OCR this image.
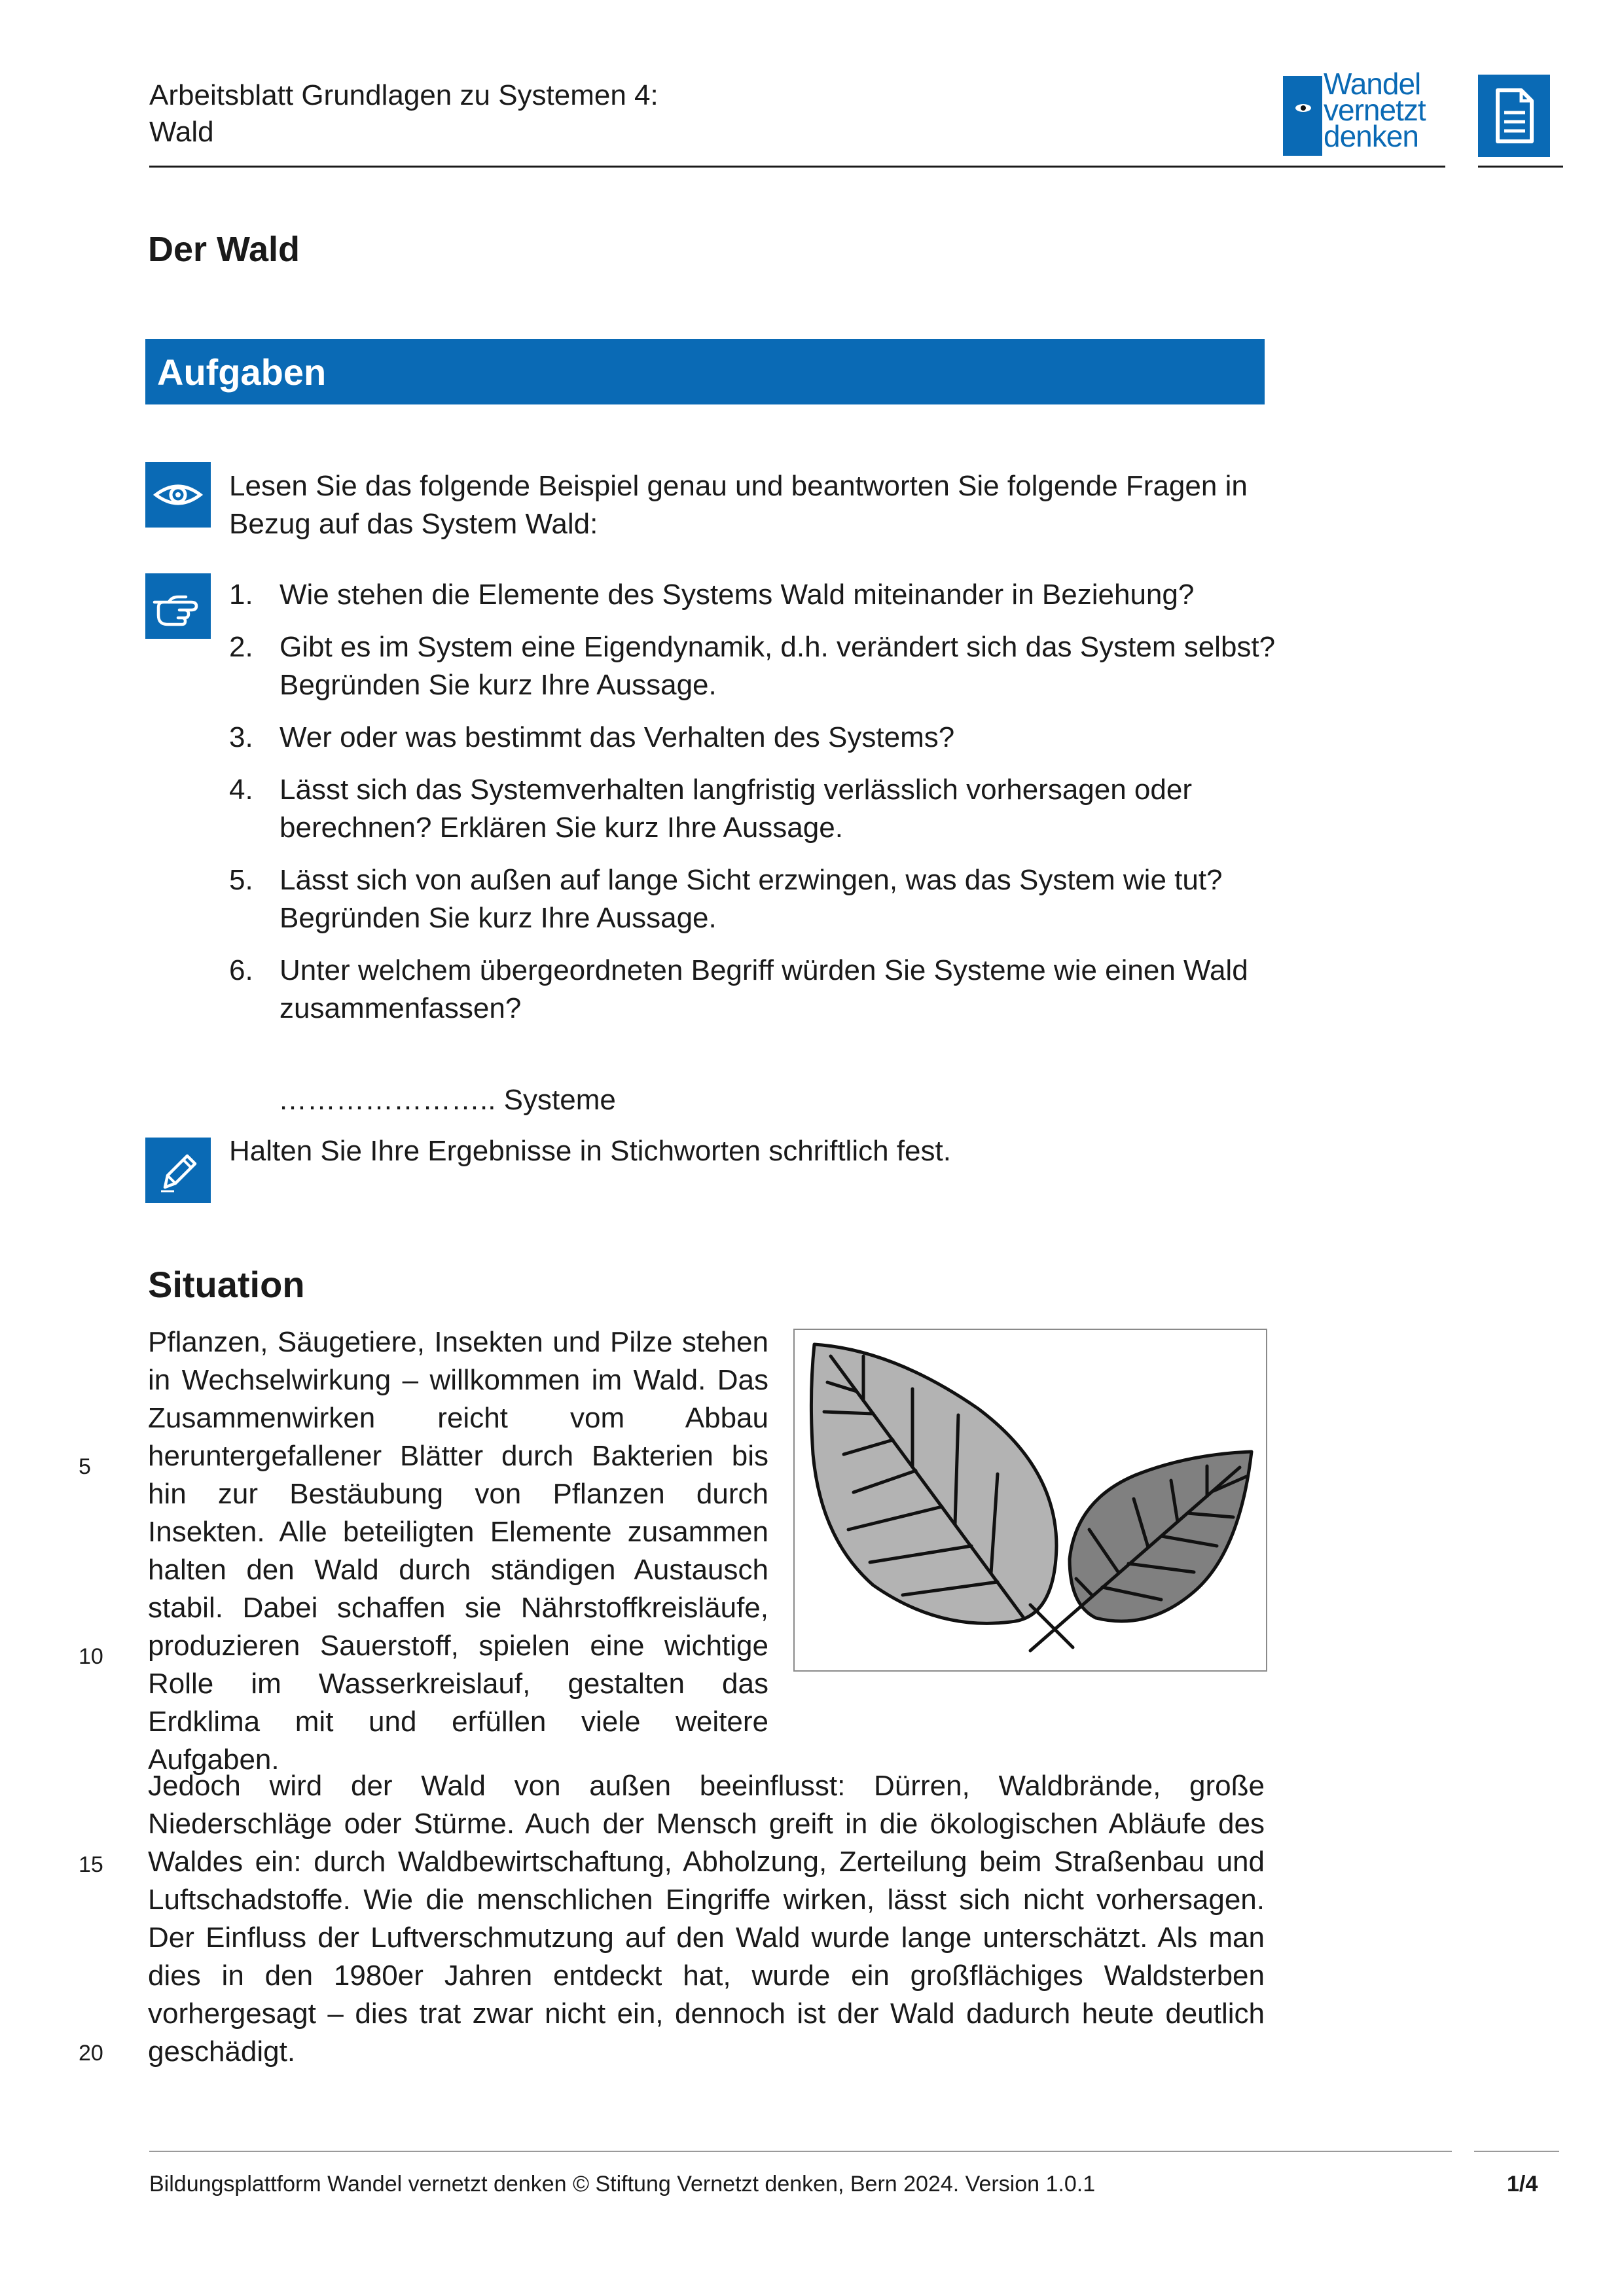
Arbeitsblatt Grundlagen zu Systemen 4:
Wald
Wandel
vernetzt
denken
Der Wald
Aufgaben
Lesen Sie das folgende Beispiel genau und beantworten Sie folgende Fragen in Bezug auf das System Wald:
1. Wie stehen die Elemente des Systems Wald miteinander in Beziehung?
2. Gibt es im System eine Eigendynamik, d.h. verändert sich das System selbst? Begründen Sie kurz Ihre Aussage.
3. Wer oder was bestimmt das Verhalten des Systems?
4. Lässt sich das Systemverhalten langfristig verlässlich vorhersagen oder berechnen? Erklären Sie kurz Ihre Aussage.
5. Lässt sich von außen auf lange Sicht erzwingen, was das System wie tut? Begründen Sie kurz Ihre Aussage.
6. Unter welchem übergeordneten Begriff würden Sie Systeme wie einen Wald zusammenfassen?
………………….. Systeme
Halten Sie Ihre Ergebnisse in Stichworten schriftlich fest.
Situation
Pflanzen, Säugetiere, Insekten und Pilze stehen in Wechselwirkung – willkommen im Wald. Das Zusammenwirken reicht vom Abbau heruntergefallener Blätter durch Bakterien bis hin zur Bestäubung von Pflanzen durch Insekten. Alle beteiligten Elemente zusammen halten den Wald durch ständigen Austausch stabil. Dabei schaffen sie Nährstoffkreisläufe, produzieren Sauerstoff, spielen eine wichtige Rolle im Wasserkreislauf, gestalten das Erdklima mit und erfüllen viele weitere Aufgaben.
Jedoch wird der Wald von außen beeinflusst: Dürren, Waldbrände, große Niederschläge oder Stürme. Auch der Mensch greift in die ökologischen Abläufe des Waldes ein: durch Waldbewirtschaftung, Abholzung, Zerteilung beim Straßenbau und Luftschadstoffe. Wie die menschlichen Eingriffe wirken, lässt sich nicht vorhersagen. Der Einfluss der Luftverschmutzung auf den Wald wurde lange unterschätzt. Als man dies in den 1980er Jahren entdeckt hat, wurde ein großflächiges Waldsterben vorhergesagt – dies trat zwar nicht ein, dennoch ist der Wald dadurch heute deutlich geschädigt.
5
10
15
20
Bildungsplattform Wandel vernetzt denken © Stiftung Vernetzt denken, Bern 2024. Version 1.0.1	1/4
